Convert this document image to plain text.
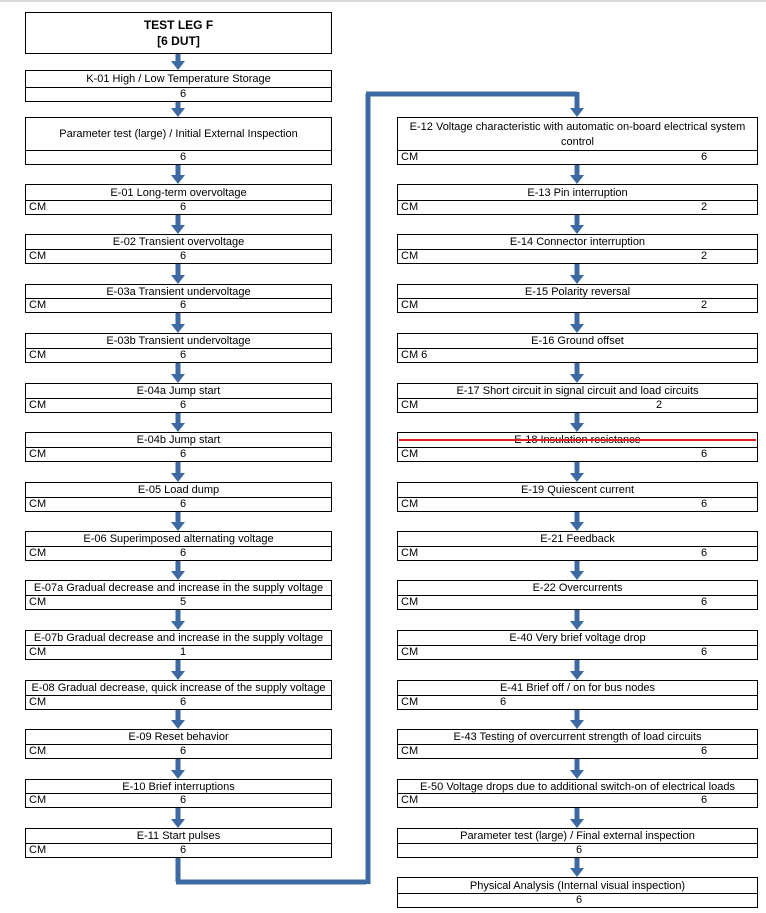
TEST LEG F
[6 DUT]
K-01 High / Low Temperature Storage
6
Parameter test (large) / Initial External Inspection
6
E-01 Long-term overvoltage
CM	6
E-02 Transient overvoltage
CM	6
E-03a Transient undervoltage
CM	6
E-03b Transient undervoltage
CM	6
E-04a Jump start
CM	6
E-04b Jump start
CM	6
E-05 Load dump
CM	6
E-06 Superimposed alternating voltage
CM	6
E-07a Gradual decrease and increase in the supply voltage
CM	5
E-07b Gradual decrease and increase in the supply voltage
CM	1
E-08 Gradual decrease, quick increase of the supply voltage
CM	6
E-09 Reset behavior
CM	6
E-10 Brief interruptions
CM	6
E-11 Start pulses
CM	6
E-12 Voltage characteristic with automatic on-board electrical system control
CM	6
E-13 Pin interruption
CM	2
E-14 Connector interruption
CM	2
E-15 Polarity reversal
CM	2
E-16 Ground offset
CM 6
E-17 Short circuit in signal circuit and load circuits
CM	2
CM	6
E-19 Quiescent current
CM	6
E-21 Feedback
CM	6
E-22 Overcurrents
CM	6
E-40 Very brief voltage drop
CM	6
E-41 Brief off / on for bus nodes
CM	6
E-43 Testing of overcurrent strength of load circuits
CM	6
E-50 Voltage drops due to additional switch-on of electrical loads
CM	6
Parameter test (large) / Final external inspection
6
Physical Analysis (Internal visual inspection)
6
